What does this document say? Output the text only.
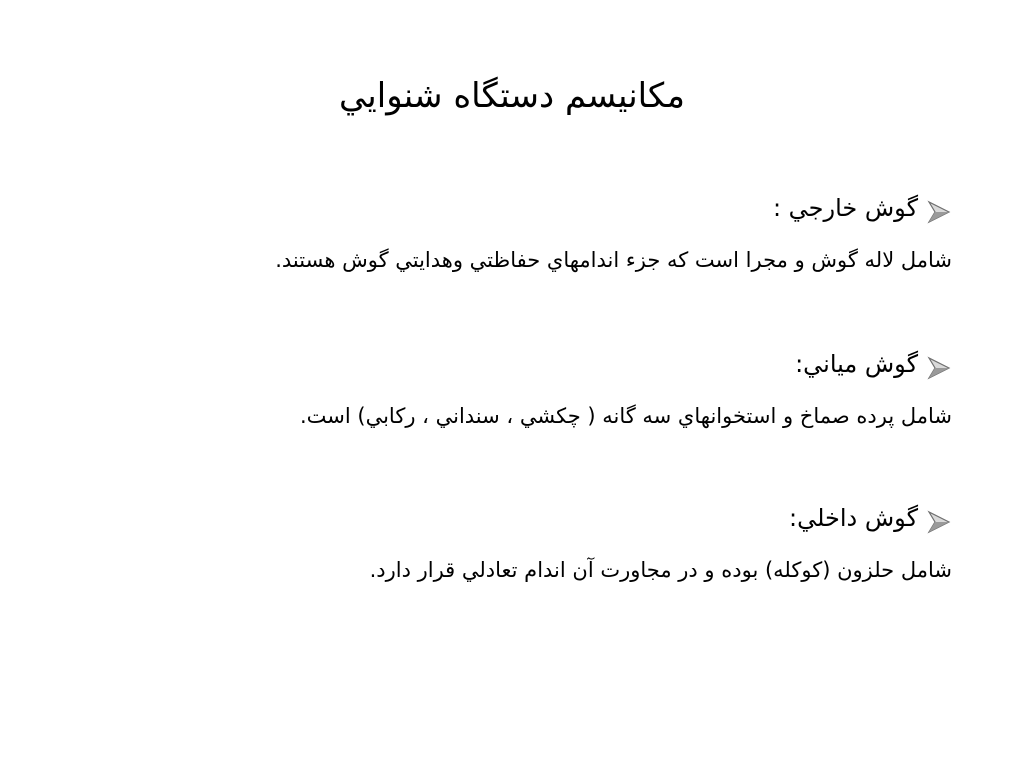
مكانيسم دستگاه شنوايي
گوش خارجي :
شامل لاله گوش و مجرا است که جزء اندامهاي حفاظتي وهدايتي گوش هستند.
گوش مياني:
شامل پرده صماخ و استخوانهاي سه گانه ( چكشي ، سنداني ، ركابي) است.
گوش داخلي:
شامل حلزون (كوكله) بوده و در مجاورت آن اندام تعادلي قرار دارد.
